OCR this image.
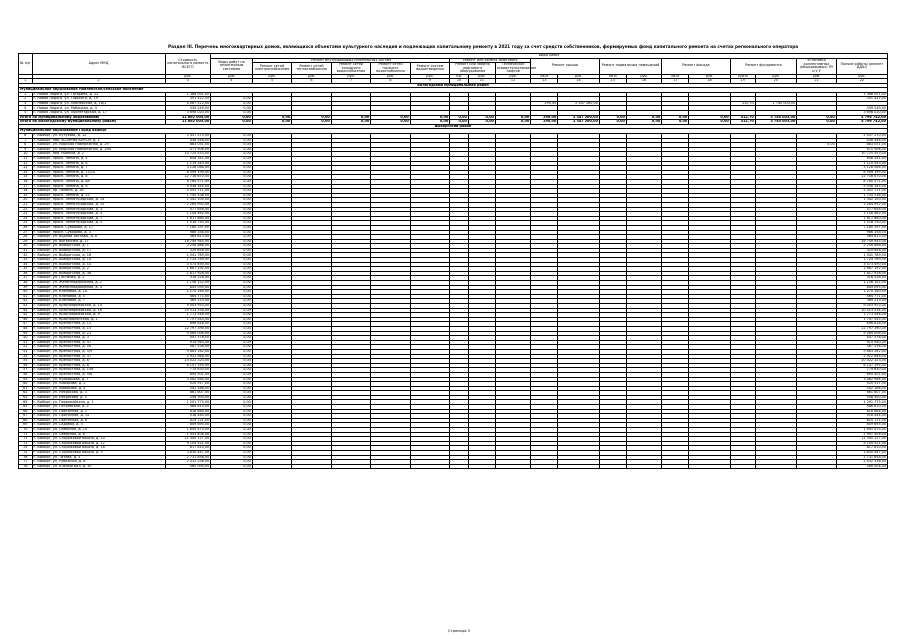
Раздел III. Перечень многоквартирных домов, являющихся объектами культурного наследия и подлежащих капитальному ремонту в 2021 году за счет средств собственников, формируемых фонд капитального ремонта на счетах регионального оператора
№ п/п	Адрес МКД	Стоимость капитального ремонта ВСЕГО	Виды работ																		
			Виды работ по инженерным системам	Ремонт внутридомовых инженерных систем					Ремонт или замена лифтового			Ремонт крыши		Ремонт подвальных помещений		Ремонт фасада		Ремонт фундамента		Установка коллективных (общедомовых) ПУ и У У	Прочие работы (ремонт ДДШ)
				Ремонт сетей электроснабжения	Ремонт сетей теплоснабжения	Ремонт сетей холодного водоснабжения	Ремонт сетей горячего водоснабжения	Ремонт систем водоотведения	Ремонт или замена лифтового оборудования		Техническое освидетельствование лифтов										
		руб.	руб.	руб.	руб.	руб.	руб.	руб.	ед.	руб.	руб.	кв.м	руб.	кв.м	руб.	кв.м	руб.	куб.м	руб.	руб.	руб.
1	2	3	4	5	6	7	8	9	10	11	12	13	14	15	16	17	18	19	20	21	22
Вологодский муниципальный район																					
Муниципальное образование Новленское/сельское поселение																					
1	г. Новая Ладога, ул. Гагарина, д. 22	1 368 051,00																			1 368 051,00
2	г. Новая Ладога, ул. Горького, д. 19	391 422,00	0,00																		391 422,00
3	г. Новая Ладога, ул. Пионерская, д. 18/3	4 087 512,00	0,00									290,00	2 347 260,00					312,70	1 740 003,00		
4	г. Новая Ладога, ул. Рыбацкая, д. 3	339 249,00	0,00																		339 249,00
5	г. Новая Ладога, ул. Пролетарская, д. 17	3 698 020,00	0,00																		3 698 020,00
Итого по муниципальному образованию		11 862 005,00	0,00	0,00	0,00	0,00	0,00	0,00	0,00	0,00	0,00	290,00	2 347 260,00	0,00	0,00	0,00	0,00	312,70	3 740 003,00	0,00	5 796 742,00
Итого по Вологодскому муниципальному району		11 862 005,00	0,00	0,00	0,00	0,00	0,00	0,00	0,00	0,00	0,00	290,00	2 347 260,00	0,00	0,00	0,00	0,00	312,70	3 740 003,00	0,00	5 796 742,00
Выборгский район																					
Муниципальное образование Город Выборг																					
6	г. Выборг, ул. Кутузова, д. 12	2 437 270,00	0,00																		2 437 270,00
7	г. Выборг, наб. 40-летия ВЛКСМ, д. 1	438 546,00	0,00																		438 546,00
8	г. Выборг, ул. Морская Набережная, д. 29	883 051,00	0,00																	0,00	883 051,00
9	г. Выборг, ул. Морская Набережная, д. 29А	471 906,00	0,00																		471 906,00
10	г. Выборг, пер. Рыбный, д. 2	10 725 553,00	0,00																		10 725 553,00
11	г. Выборг, просп. Ленина, д. 4	608 341,00	0,00																		608 341,00
12	г. Выборг, просп. Ленина, д. 6	1 119 543,00	0,00																		1 119 543,00
13	г. Выборг, просп. Ленина, д. 7	3 128 066,00	0,00																		3 128 066,00
14	г. Выборг, просп. Ленина, д. 12/10	6 599 199,00	0,00																		6 599 199,00
15	г. Выборг, просп. Ленина, д. 8	12 716 670,00	0,00																		12 716 670,00
16	г. Выборг, просп. Ленина, д. 8а	8 780 571,00	0,00																		8 780 571,00
17	г. Выборг, просп. Ленина, д. 9	9 936 345,00	0,00																		9 936 345,00
18	г. Выборг, пр. Ленина, д. 18	2 051 711,00	0,00																		2 051 711,00
19	г. Выборг, просп. Ленина, д. 22	1 750 536,00	0,00																		1 750 536,00
20	г. Выборг, просп. Ленинградский, д. 14	1 342 100,00	0,00																		1 342 100,00
21	г. Выборг, просп. Ленинградский, д. 15	2 264 992,00	0,00																		2 264 992,00
22	г. Выборг, просп. Ленинградский, д. 3	577 658,00	0,00																		577 658,00
23	г. Выборг, просп. Ленинградский, д. 5	1 158 462,00	0,00																		1 158 462,00
24	г. Выборг, просп. Ленинградский, д. 7	1 617 880,00	0,00																		1 617 880,00
25	г. Выборг, просп. Ленинградский, д. 9	1 516 750,00	0,00																		1 516 750,00
26	г. Выборг, просп. Суворова, д. 17	7 160 197,00	0,00																		7 160 197,00
27	г. Выборг, просп. Суворова, д. 3	986 358,00	0,00																		986 358,00
28	г. Выборг, ул. Водной Заставы, д. 6	564 813,00	0,00																		564 813,00
29	г. Выборг, ул. Восточная, д. 17	16 749 945,00	0,00																		16 749 945,00
30	г. Выборг, ул. Выборгская, д. 1	2 258 886,00	0,00																		2 258 886,00
31	г. Выборг, ул. Выборгская, д. 17	329 658,00	0,00																		329 658,00
32	г. Выборг, ул. Выборгская, д. 18	1 541 789,00	0,00																		1 541 789,00
33	г. Выборг, ул. Выборгская, д. 14	1 724 769,00	0,00																		1 724 769,00
34	г. Выборг, ул. Выборгская, д. 10	3 573 490,00	0,00																		3 573 490,00
35	г. Выборг, ул. Выборгская, д. 2	1 667 192,00	0,00																		1 667 192,00
36	г. Выборг, ул. Выборгская, д. 3а	1 817 926,00	0,00																		1 817 926,00
37	г. Выборг, ул. Гостиная, д. 2	318 528,00	0,00																		318 528,00
38	г. Выборг, ул. Железнодорожная, д. 2	1 158 152,00	0,00																		1 158 152,00
39	г. Выборг, ул. Железнодорожная, д. 4	845 095,00	0,00																		845 095,00
40	г. Выборг, ул. Кленовая, д. 10	1 270 160,00	0,00																		1 270 160,00
41	г. Выборг, ул. Кленовая, д. 5	464 771,00	0,00																		464 771,00
42	г. Выборг, ул. Кленовая, д. 7	369 233,00	0,00																		369 233,00
43	г. Выборг, ул. Красноармейская, д. 14	9 003 953,00	0,00																		9 003 953,00
44	г. Выборг, ул. Красноармейская, д. 16	10 513 534,00	0,00																		10 513 534,00
45	г. Выборг, ул. Красноармейская, д. 9	1 773 546,00	0,00																		1 773 546,00
46	г. Выборг, ул. Краснофлотская, д. 1	1 797 545,00	0,00																		1 797 545,00
47	г. Выборг, ул. Крепостная, д. 12	698 816,00	0,00																		698 816,00
48	г. Выборг, ул. Крепостная, д. 15	12 797 390,00	0,00																		12 797 390,00
49	г. Выборг, ул. Крепостная, д. 21	9 084 006,00	0,00																		9 084 006,00
50	г. Выборг, ул. Крепостная, д. 3	447 576,00	0,00																		447 576,00
51	г. Выборг, ул. Крепостная, д. 47	914 940,00	0,00																		914 940,00
52	г. Выборг, ул. Крепостная, д. 5а	587 538,00	0,00																		587 538,00
53	г. Выборг, ул. Крепостная, д. 5/9	9 663 262,00	0,00																		9 663 262,00
54	г. Выборг, ул. Крепостная, д. 37	2 922 646,00	0,00																		2 922 646,00
55	г. Выборг, ул. Крепостная, д. 6	10 022 323,00	0,00																		10 022 323,00
56	г. Выборг, ул. Крепостная, д. 8	6 147 195,00	0,00																		6 147 195,00
57	г. Выборг, ул. Крепостная, д. 15а	774 630,00	0,00																		774 630,00
58	г. Выборг, ул. Крепостная, д. 5/6	895 501,00	0,00																		895 501,00
59	г. Выборг, ул. Куйбышева, д. 7	3 062 984,00	0,00																		3 062 984,00
60	г. Выборг, ул. Майорова, д. 2	520 917,00	0,00																		520 917,00
61	г. Выборг, ул. Майорова, д. 4	542 186,00	0,00																		542 186,00
62	г. Выборг, ул. Некрасова, д. 3	661 607,00	0,00																		661 607,00
63	г. Выборг, ул. Некрасова, д. 5	558 300,00	0,00																		558 300,00
64	г. Выборг, ул. Первомайская, д. 1	1 291 775,00	0,00																		1 291 775,00
65	г. Выборг, ул. Петровская, д. 2	486 610,00	0,00																		486 610,00
66	г. Выборг, ул. Прогонная, д. 1	618 884,00	0,00																		618 884,00
67	г. Выборг, ул. Прогонная, д. 14	518 444,00	0,00																		518 444,00
68	г. Выборг, ул. Прогонная, д. 6	625 721,00	0,00																		625 721,00
69	г. Выборг, ул. Садовая, д. 5	609 695,00	0,00																		609 695,00
70	г. Выборг, ул. Северная, д. 10	1 645 475,00	0,00																		1 645 475,00
71	г. Выборг, ул. Северная, д. 8	1 991 406,00	0,00																		1 991 406,00
72	г. Выборг, ул. Сторожевой башни, д. 10	11 300 127,00	0,00																		11 300 127,00
73	г. Выборг, ул. Сторожевой башни, д. 12	9 104 521,00	0,00																		9 104 521,00
74	г. Выборг, ул. Сторожевой башни, д. 18	817 810,00	0,00																		817 810,00
75	г. Выборг, ул. Сторожевой башни, д. 9	3 830 447,00	0,00																		3 830 447,00
76	г. Выборг, ул. Титова, д. 3	2 731 858,00	0,00																		2 731 858,00
77	г. Выборг, ул. Рубежная, д. 8	2 432 336,00	0,00																		2 432 336,00
78	г. Выборг, ул. Южный Вал, д. 10	560 004,00	0,00																		560 004,00
Страница 3
